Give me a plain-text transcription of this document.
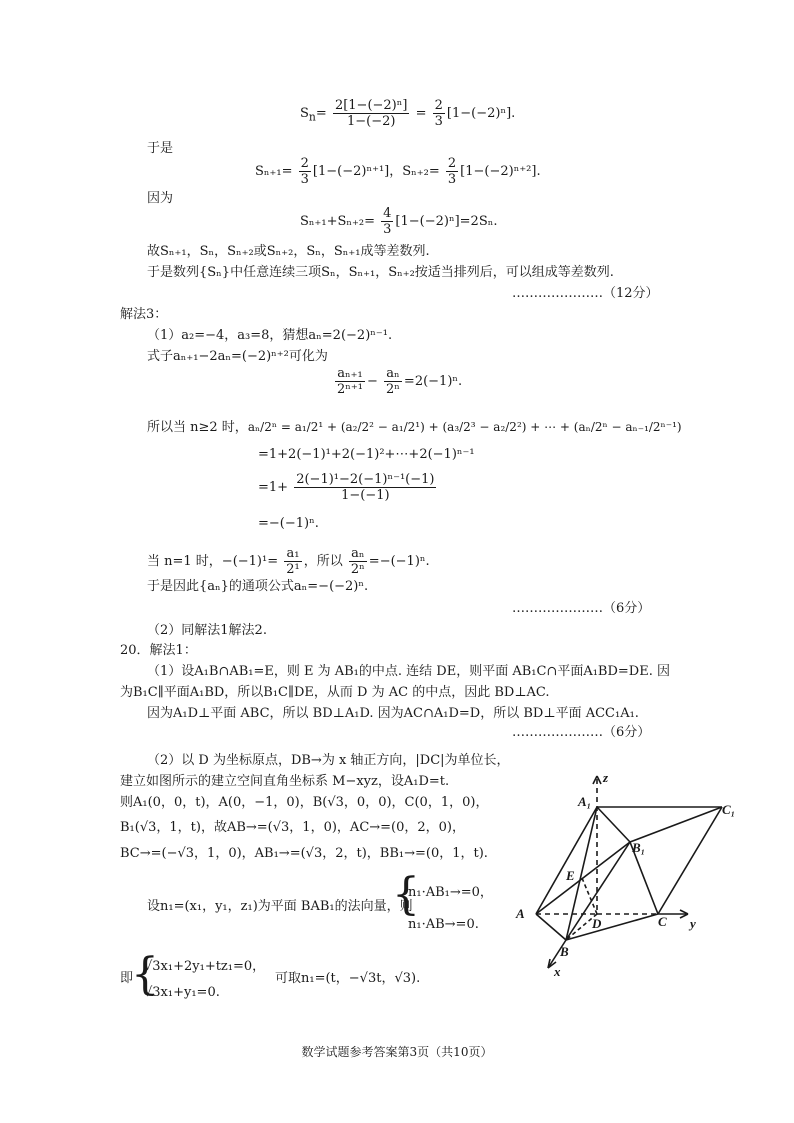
$S_n= \frac{\text{2[1−(−2)ⁿ]}}{1-(-2)} = \frac{2}{3} [1-(-2)^n]$.
于是
$S_{n+1}= \frac{2}{3} [1-(-2)^{n+1}]$，$S_{n+2}= \frac{2}{3} [1-(-2)^{n+2}]$.
因为
$S_{n+1}+S_{n+2}= \frac{4}{3} [1-(-2)^n]=2S_n$.
故Sₙ₊₁，Sₙ，Sₙ₊₂或Sₙ₊₂，Sₙ，Sₙ₊₁成等差数列.
于是数列{Sₙ}中任意连续三项Sₙ，Sₙ₊₁，Sₙ₊₂按适当排列后，可以组成等差数列.
…………………（12分）
解法3：
（1）a₂=−4，a₃=8，猜想aₙ=2(−2)ⁿ⁻¹.
式子aₙ₊₁−2aₙ=(−2)ⁿ⁺²可化为
$\frac{\text{aₙ₊₁}}{\text{2ⁿ⁺¹}} - \frac{\text{aₙ}}{\text{2ⁿ}} =2(-1)^n$.
所以当 n≥2 时，aₙ/2ⁿ = a₁/2¹ + (a₂/2² − a₁/2¹) + (a₃/2³ − a₂/2²) + ⋯ + (aₙ/2ⁿ − aₙ₋₁/2ⁿ⁻¹)
=1+2(−1)¹+2(−1)²+⋯+2(−1)ⁿ⁻¹
$=1+ \frac{\text{2(−1)¹−2(−1)ⁿ⁻¹(−1)}}{1-(-1)}$
=−(−1)ⁿ.
当 n=1 时，$-(-1)^1= \frac{\text{a₁}}{\text{2¹}}$ ，所以 $\frac{\text{aₙ}}{\text{2ⁿ}} =-(-1)^n$.
于是因此{aₙ}的通项公式aₙ=−(−2)ⁿ.
…………………（6分）
（2）同解法1解法2.
20．解法1：
（1）设A₁B∩AB₁=E，则 E 为 AB₁的中点. 连结 DE，则平面 AB₁C∩平面A₁BD=DE. 因
为B₁C∥平面A₁BD，所以B₁C∥DE，从而 D 为 AC 的中点，因此 BD⊥AC.
因为A₁D⊥平面 ABC，所以 BD⊥A₁D. 因为AC∩A₁D=D，所以 BD⊥平面 ACC₁A₁.
…………………（6分）
（2）以 D 为坐标原点，DB→为 x 轴正方向，|DC|为单位长，
建立如图所示的建立空间直角坐标系 M−xyz，设A₁D=t.
则A₁(0，0，t)，A(0，−1，0)，B(√3，0，0)，C(0，1，0)，
B₁(√3，1，t)，故AB→=(√3，1，0)，AC→=(0，2，0)，
BC→=(−√3，1，0)，AB₁→=(√3，2，t)，BB₁→=(0，1，t).
设n₁=(x₁，y₁，z₁)为平面 BAB₁的法向量，则
{
n₁·AB₁→=0，
n₁·AB→=0.
即
{
√3x₁+2y₁+tz₁=0，
√3x₁+y₁=0.
可取n₁=(t，−√3t，√3).
z
A₁
C₁
B₁
E
A
D	C y
B
x
数学试题参考答案第3页（共10页）
